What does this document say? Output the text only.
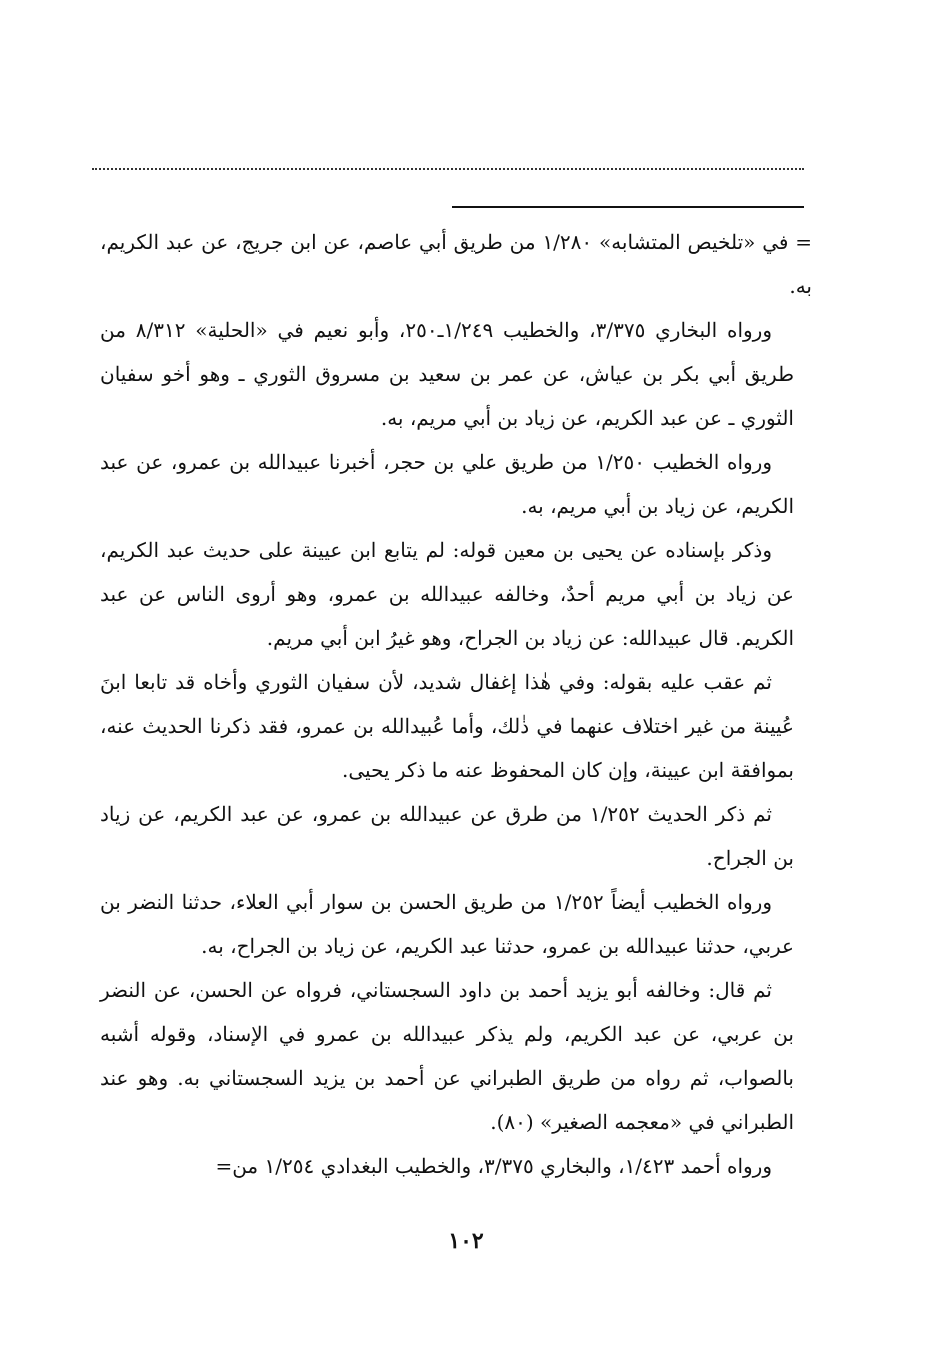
= في «تلخيص المتشابه» ١/٢٨٠ من طريق أبي عاصم، عن ابن جريج، عن عبد الكريم، به.

ورواه البخاري ٣/٣٧٥، والخطيب ١/٢٤٩ـ٢٥٠، وأبو نعيم في «الحلية» ٨/٣١٢ من طريق أبي بكر بن عياش، عن عمر بن سعيد بن مسروق الثوري ـ وهو أخو سفيان الثوري ـ عن عبد الكريم، عن زياد بن أبي مريم، به.

ورواه الخطيب ١/٢٥٠ من طريق علي بن حجر، أخبرنا عبيدالله بن عمرو، عن عبد الكريم، عن زياد بن أبي مريم، به.

وذكر بإسناده عن يحيى بن معين قوله: لم يتابع ابن عيينة على حديث عبد الكريم، عن زياد بن أبي مريم أحدٌ، وخالفه عبيدالله بن عمرو، وهو أروى الناس عن عبد الكريم. قال عبيدالله: عن زياد بن الجراح، وهو غيرُ ابن أبي مريم.

ثم عقب عليه بقوله: وفي هٰذا إغفال شديد، لأن سفيان الثوري وأخاه قد تابعا ابنَ عُيينة من غير اختلاف عنهما في ذٰلك، وأما عُبيدالله بن عمرو، فقد ذكرنا الحديث عنه، بموافقة ابن عيينة، وإن كان المحفوظ عنه ما ذكر يحيى.

ثم ذكر الحديث ١/٢٥٢ من طرق عن عبيدالله بن عمرو، عن عبد الكريم، عن زياد بن الجراح.

ورواه الخطيب أيضاً ١/٢٥٢ من طريق الحسن بن سوار أبي العلاء، حدثنا النضر بن عربي، حدثنا عبيدالله بن عمرو، حدثنا عبد الكريم، عن زياد بن الجراح، به.

ثم قال: وخالفه أبو يزيد أحمد بن داود السجستاني، فرواه عن الحسن، عن النضر بن عربي، عن عبد الكريم، ولم يذكر عبيدالله بن عمرو في الإسناد، وقوله أشبه بالصواب، ثم رواه من طريق الطبراني عن أحمد بن يزيد السجستاني به. وهو عند الطبراني في «معجمه الصغير» (٨٠).

ورواه أحمد ١/٤٢٣، والبخاري ٣/٣٧٥، والخطيب البغدادي ١/٢٥٤ من=

١٠٢
